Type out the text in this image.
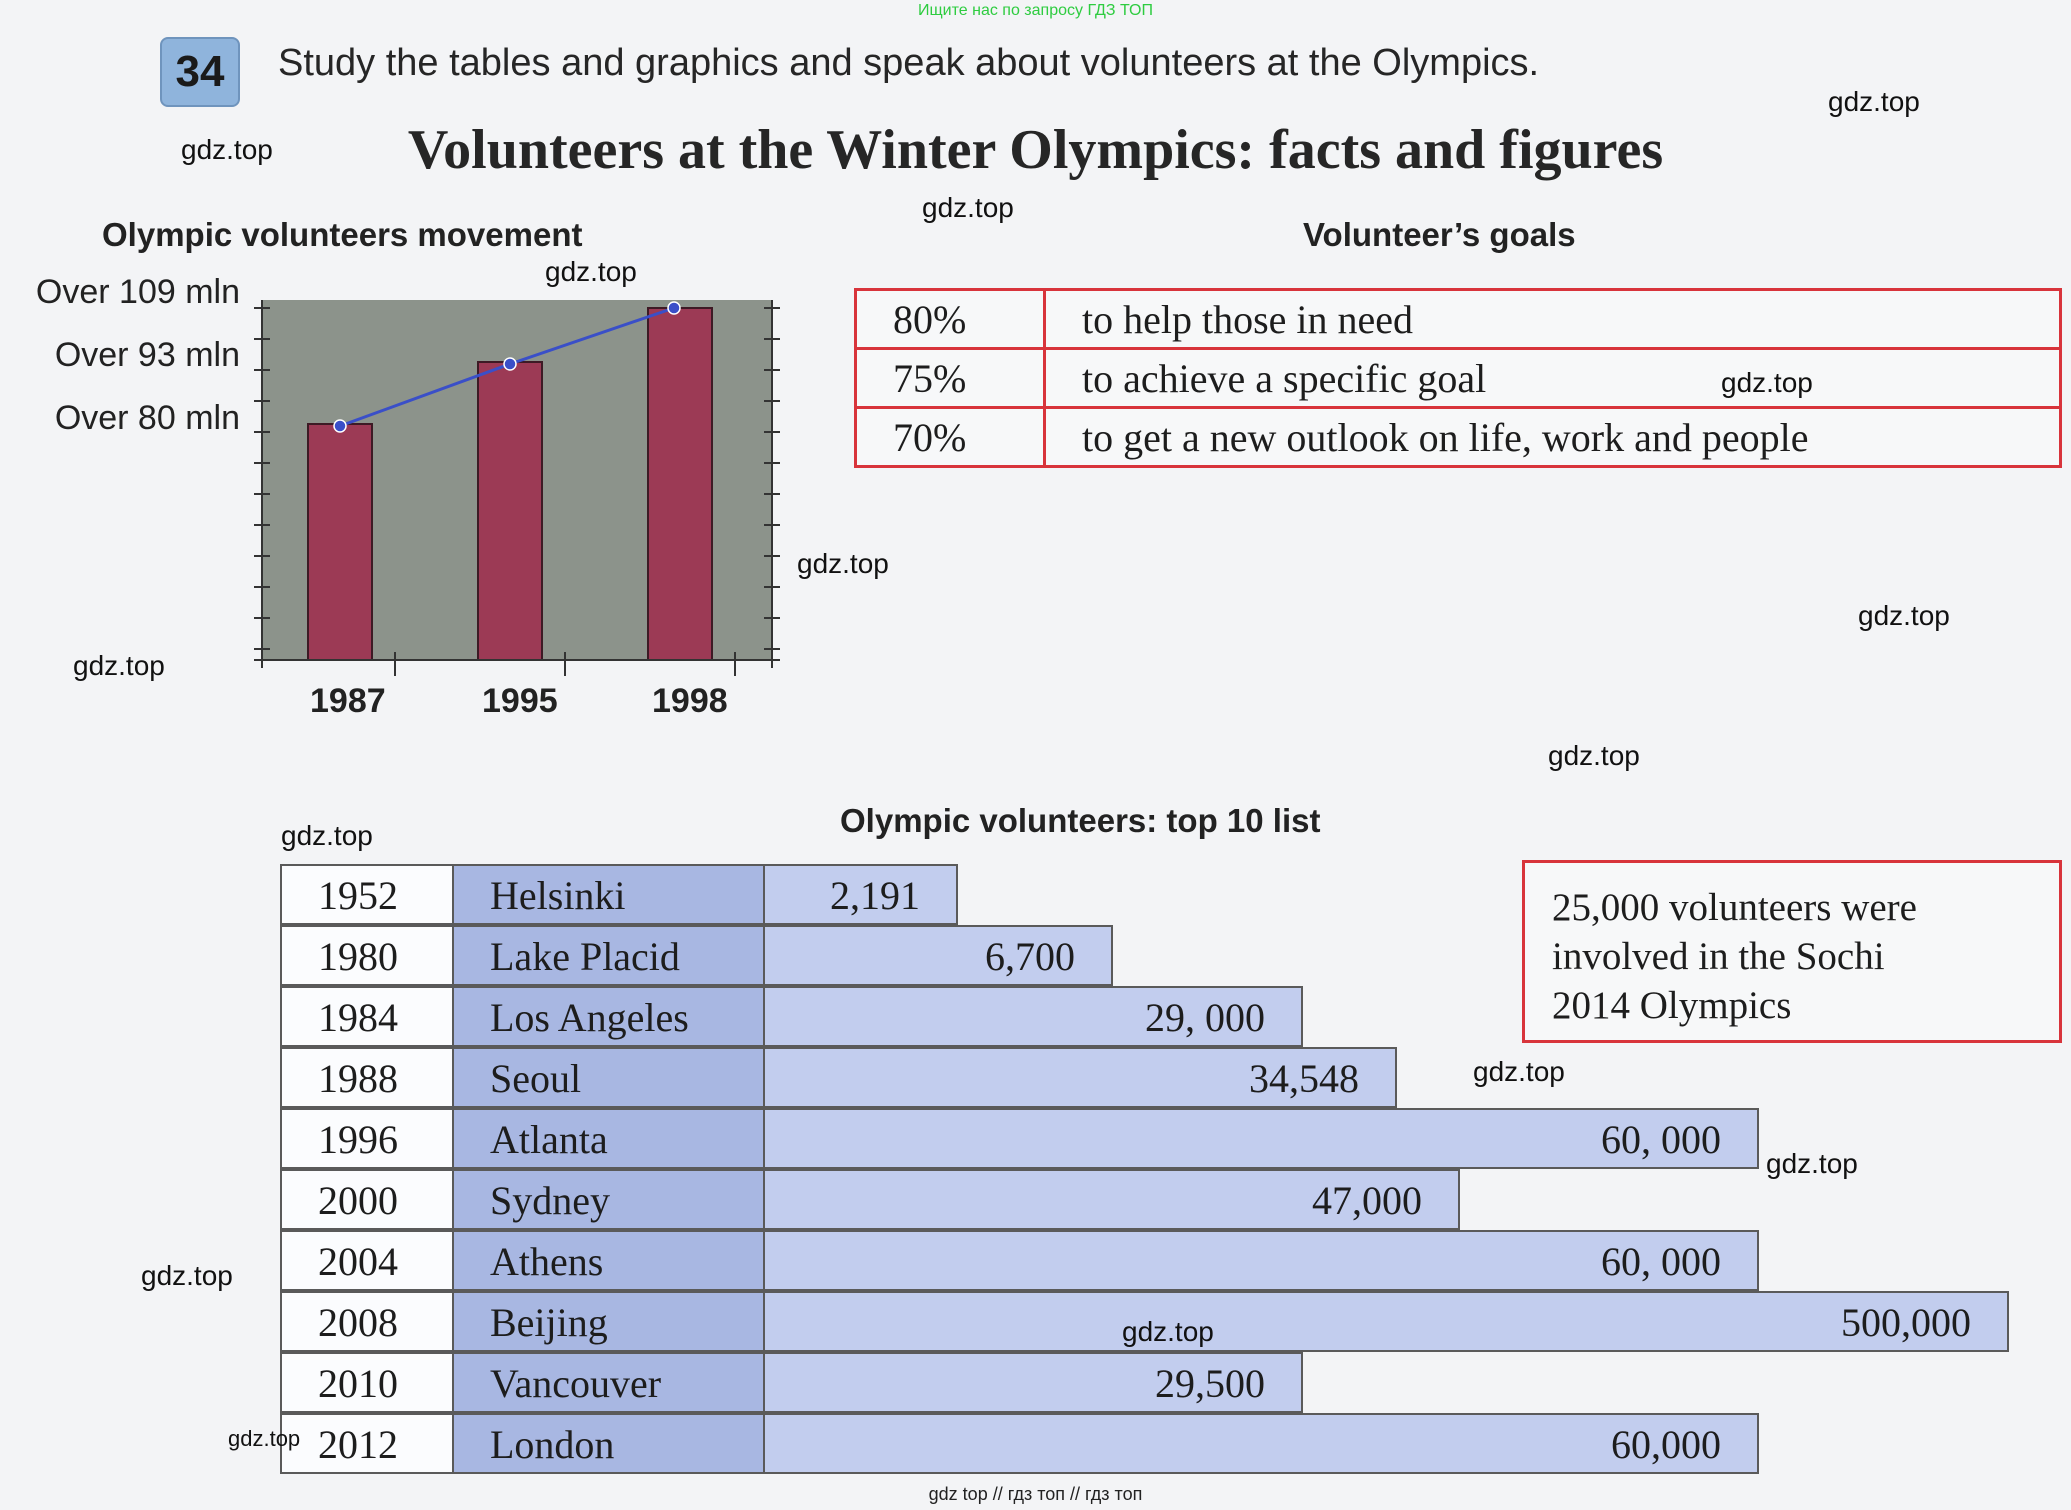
Ищите нас по запросу ГДЗ ТОП
34	Study the tables and graphics and speak about volunteers at the Olympics.
Volunteers at the Winter Olympics: facts and figures
Olympic volunteers movement
Over 109 mln
Over 93 mln
Over 80 mln
1987	1995	1998
Volunteer’s goals
80%	to help those in need
75%	to achieve a specific goal
70%	to get a new outlook on life, work and people
Olympic volunteers: top 10 list
1952	Helsinki	2,191
1980	Lake Placid	6,700
1984	Los Angeles	29, 000
1988	Seoul	34,548
1996	Atlanta	60, 000
2000	Sydney	47,000
2004	Athens	60, 000
2008	Beijing	500,000
2010	Vancouver	29,500
2012	London	60,000
25,000 volunteers were
involved in the Sochi
2014 Olympics
gdz.top
gdz.top
gdz.top
gdz.top
gdz.top
gdz.top
gdz.top
gdz.top
gdz.top
gdz.top
gdz.top
gdz.top
gdz.top
gdz.top
gdz.top
gdz top // гдз топ // гдз топ
